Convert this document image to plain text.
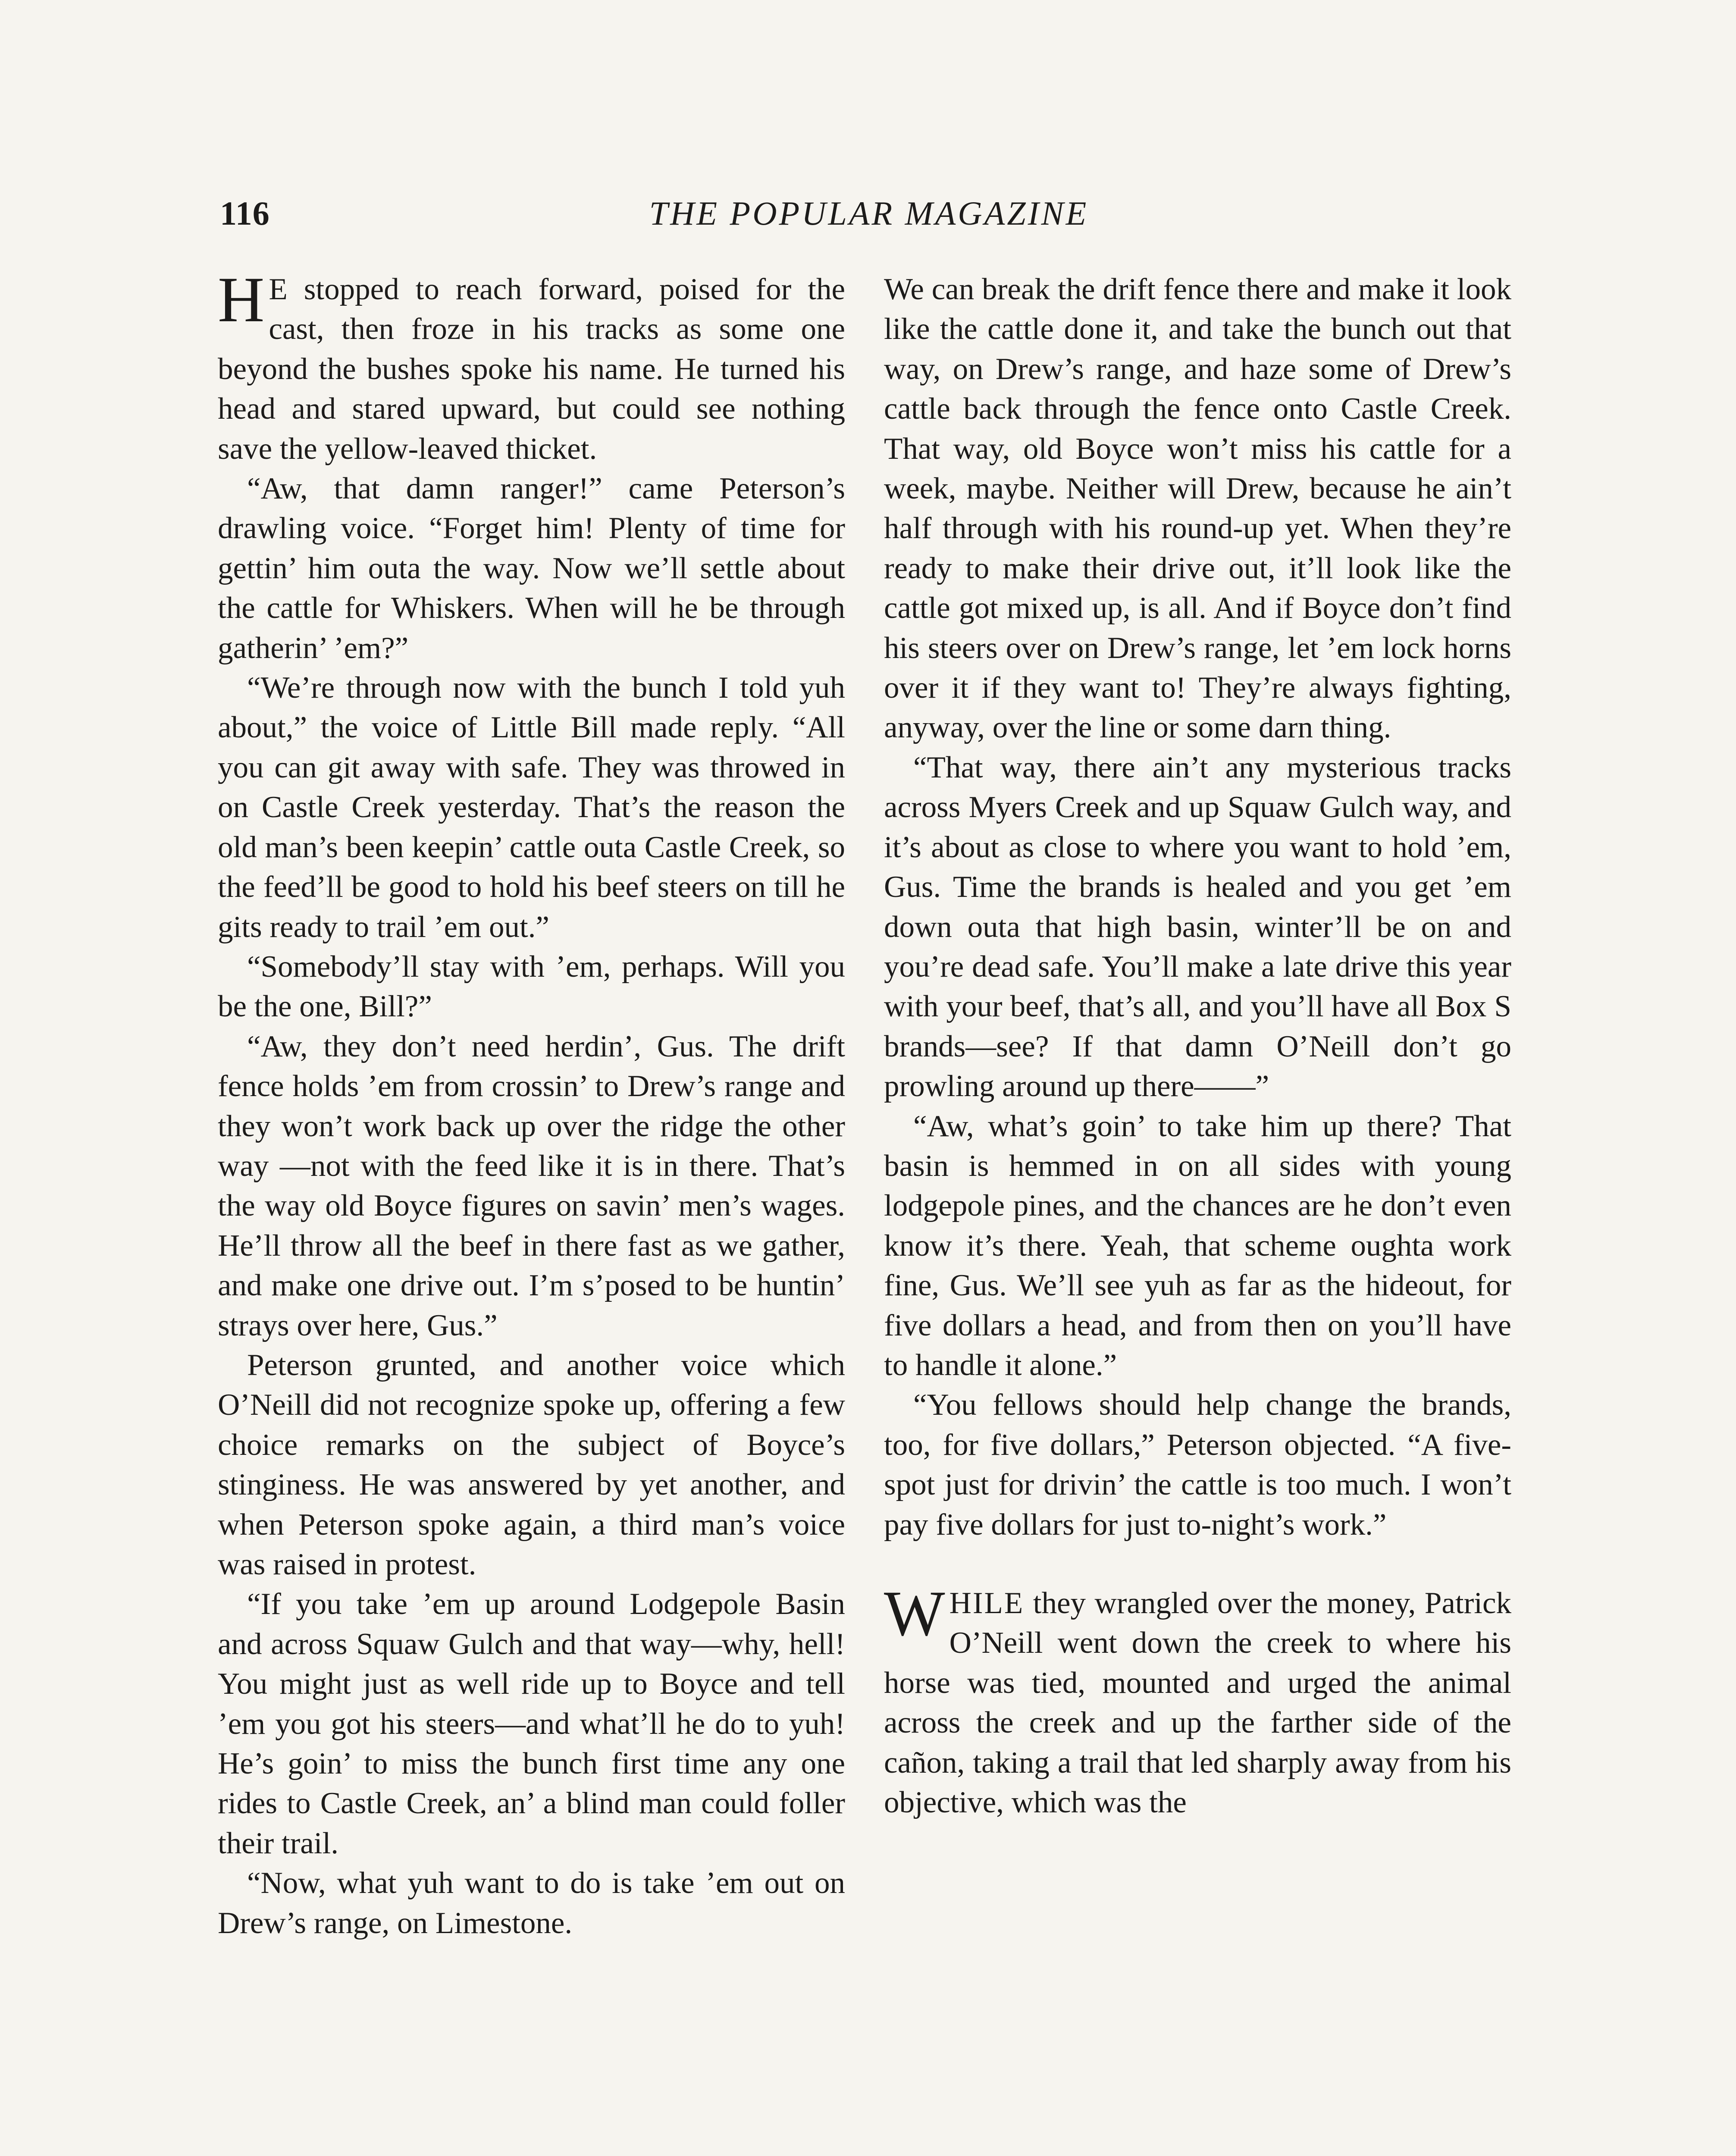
116	THE POPULAR MAGAZINE

H E stopped to reach forward, poised for the cast, then froze in his tracks as some one beyond the bushes spoke his name. He turned his head and stared upward, but could see nothing save the yellow-leaved thicket.

“Aw, that damn ranger!” came Peterson’s drawling voice. “Forget him! Plenty of time for gettin’ him outa the way. Now we’ll settle about the cattle for Whiskers. When will he be through gatherin’ ’em?”

“We’re through now with the bunch I told yuh about,” the voice of Little Bill made reply. “All you can git away with safe. They was throwed in on Castle Creek yesterday. That’s the reason the old man’s been keepin’ cattle outa Castle Creek, so the feed’ll be good to hold his beef steers on till he gits ready to trail ’em out.”

“Somebody’ll stay with ’em, perhaps. Will you be the one, Bill?”

“Aw, they don’t need herdin’, Gus. The drift fence holds ’em from crossin’ to Drew’s range and they won’t work back up over the ridge the other way —not with the feed like it is in there. That’s the way old Boyce figures on savin’ men’s wages. He’ll throw all the beef in there fast as we gather, and make one drive out. I’m s’posed to be huntin’ strays over here, Gus.”

Peterson grunted, and another voice which O’Neill did not recognize spoke up, offering a few choice remarks on the subject of Boyce’s stinginess. He was answered by yet another, and when Peterson spoke again, a third man’s voice was raised in protest.

“If you take ’em up around Lodgepole Basin and across Squaw Gulch and that way—why, hell! You might just as well ride up to Boyce and tell ’em you got his steers—and what’ll he do to yuh! He’s goin’ to miss the bunch first time any one rides to Castle Creek, an’ a blind man could foller their trail.

“Now, what yuh want to do is take ’em out on Drew’s range, on Limestone.

We can break the drift fence there and make it look like the cattle done it, and take the bunch out that way, on Drew’s range, and haze some of Drew’s cattle back through the fence onto Castle Creek. That way, old Boyce won’t miss his cattle for a week, maybe. Neither will Drew, because he ain’t half through with his round-up yet. When they’re ready to make their drive out, it’ll look like the cattle got mixed up, is all. And if Boyce don’t find his steers over on Drew’s range, let ’em lock horns over it if they want to! They’re always fighting, anyway, over the line or some darn thing.

“That way, there ain’t any mysterious tracks across Myers Creek and up Squaw Gulch way, and it’s about as close to where you want to hold ’em, Gus. Time the brands is healed and you get ’em down outa that high basin, winter’ll be on and you’re dead safe. You’ll make a late drive this year with your beef, that’s all, and you’ll have all Box S brands—see? If that damn O’Neill don’t go prowling around up there——”

“Aw, what’s goin’ to take him up there? That basin is hemmed in on all sides with young lodgepole pines, and the chances are he don’t even know it’s there. Yeah, that scheme oughta work fine, Gus. We’ll see yuh as far as the hideout, for five dollars a head, and from then on you’ll have to handle it alone.”

“You fellows should help change the brands, too, for five dollars,” Peterson objected. “A five-spot just for drivin’ the cattle is too much. I won’t pay five dollars for just to-night’s work.”

WHILE they wrangled over the money, Patrick O’Neill went down the creek to where his horse was tied, mounted and urged the animal across the creek and up the farther side of the cañon, taking a trail that led sharply away from his objective, which was the
